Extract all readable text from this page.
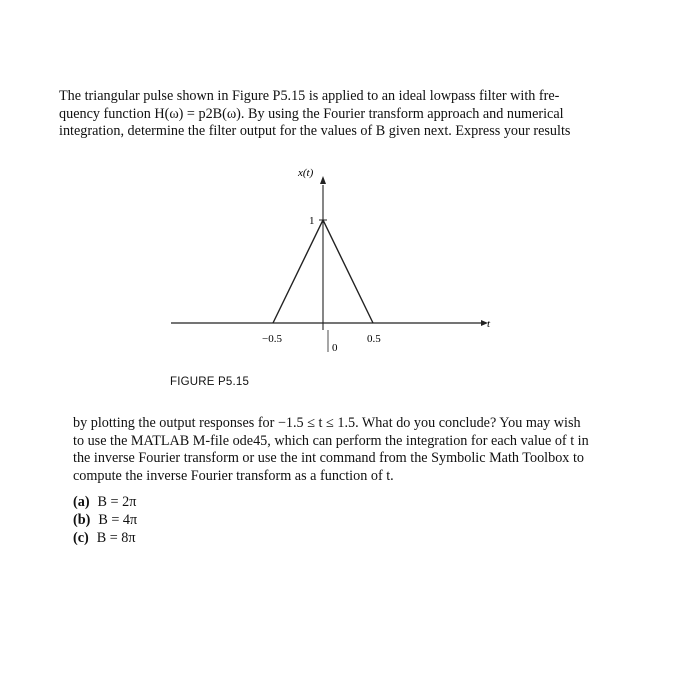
The triangular pulse shown in Figure P5.15 is applied to an ideal lowpass filter with fre-

quency function H(ω) = p2B(ω). By using the Fourier transform approach and numerical

integration, determine the filter output for the values of B given next. Express your results

x(t)
t
1
−0.5
0
0.5
FIGURE P5.15

by plotting the output responses for −1.5 ≤ t ≤ 1.5. What do you conclude? You may wish

to use the MATLAB M-file ode45, which can perform the integration for each value of t in

the inverse Fourier transform or use the int command from the Symbolic Math Toolbox to

compute the inverse Fourier transform as a function of t.

(a) B = 2π
(b) B = 4π
(c) B = 8π
